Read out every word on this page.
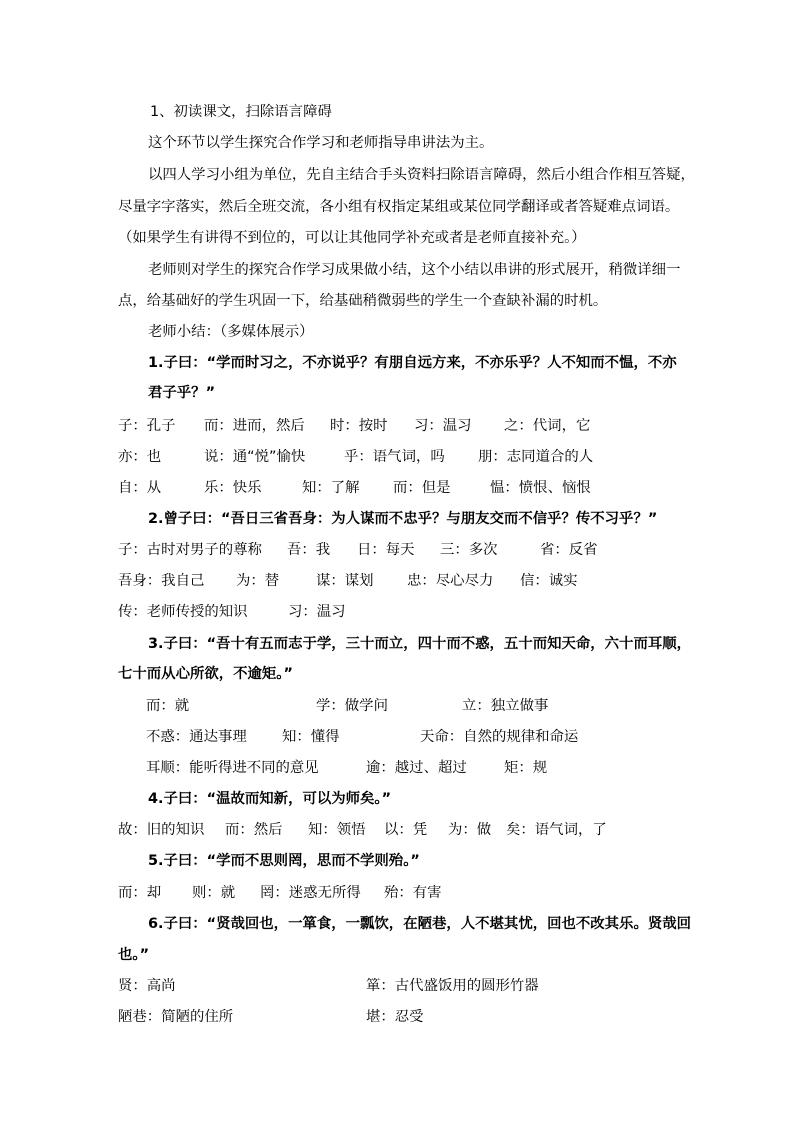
1、初读课文，扫除语言障碍
这个环节以学生探究合作学习和老师指导串讲法为主。
以四人学习小组为单位，先自主结合手头资料扫除语言障碍，然后小组合作相互答疑，
尽量字字落实，然后全班交流，各小组有权指定某组或某位同学翻译或者答疑难点词语。
（如果学生有讲得不到位的，可以让其他同学补充或者是老师直接补充。）
老师则对学生的探究合作学习成果做小结，这个小结以串讲的形式展开，稍微详细一
点，给基础好的学生巩固一下，给基础稍微弱些的学生一个查缺补漏的时机。
老师小结：（多媒体展示）
1.子曰：“学而时习之，不亦说乎？有朋自远方来，不亦乐乎？人不知而不愠，不亦
君子乎？”
子：孔子 而：进而，然后 时：按时 习：温习 之：代词，它
亦：也	说：通“悦”愉快	乎：语气词，吗 朋：志同道合的人
自：从	乐：快乐	知：了解 而：但是	愠：愤恨、恼恨
2.曾子曰：“吾日三省吾身：为人谋而不忠乎？与朋友交而不信乎？传不习乎？”
子：古时对男子的尊称 吾：我 日：每天 三：多次	省：反省
吾身：我自己 为：替	谋：谋划 忠：尽心尽力 信：诚实
传：老师传授的知识	习：温习
3.子曰：“吾十有五而志于学，三十而立，四十而不惑，五十而知天命，六十而耳顺，
七十而从心所欲，不逾矩。”
而：就	学：做学问	立：独立做事
不惑：通达事理 知：懂得	天命：自然的规律和命运
耳顺：能听得进不同的意见	逾：越过、超过	矩：规
4.子曰：“温故而知新，可以为师矣。”
故：旧的知识 而：然后 知：领悟 以：凭 为：做 矣：语气词，了
5.子曰：“学而不思则罔，思而不学则殆。”
而：却 则：就 罔：迷惑无所得 殆：有害
6.子曰：“贤哉回也，一箪食，一瓢饮，在陋巷，人不堪其忧，回也不改其乐。贤哉回
也。”
贤：高尚	箪：古代盛饭用的圆形竹器
陋巷：简陋的住所	堪：忍受
